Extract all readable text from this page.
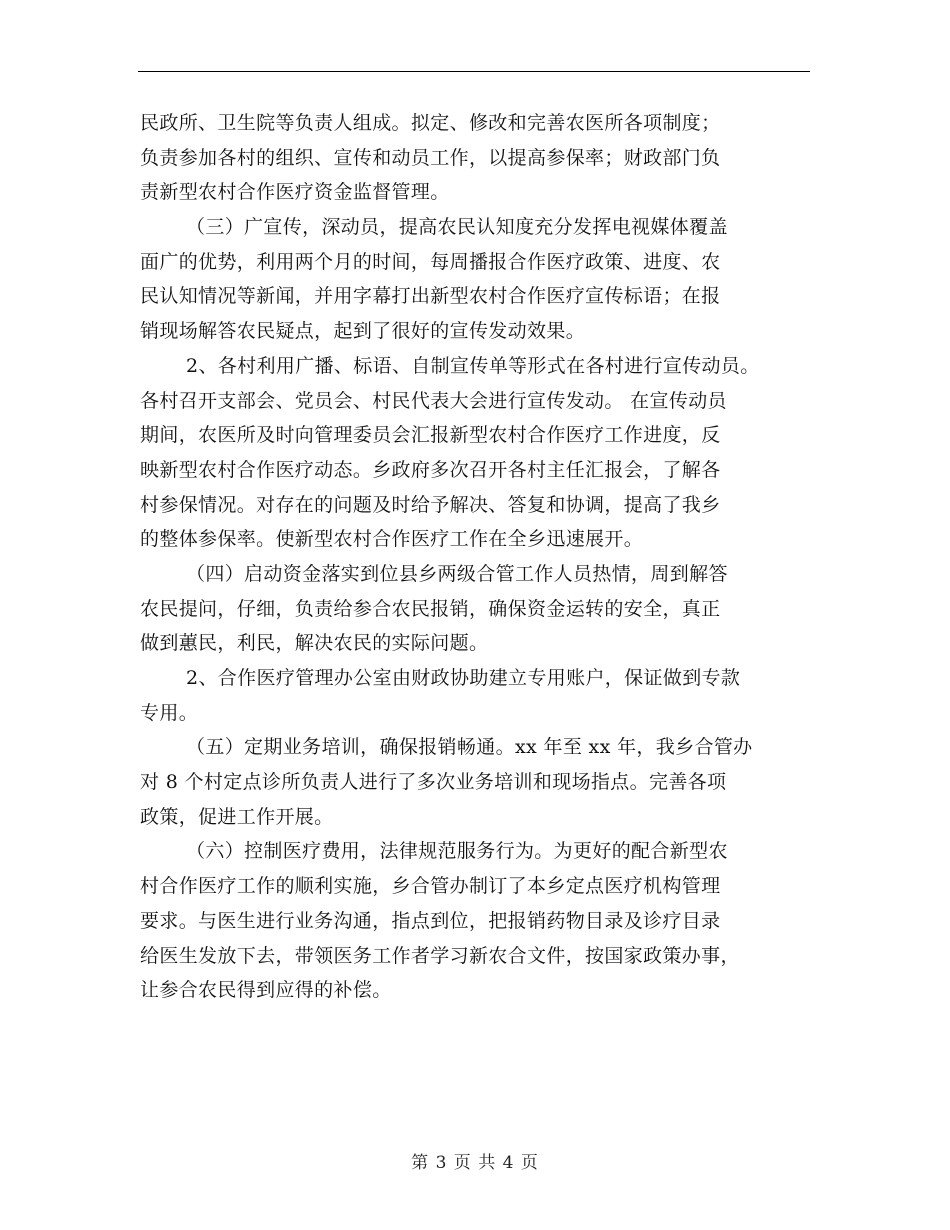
民政所、卫生院等负责人组成。拟定、修改和完善农医所各项制度；
负责参加各村的组织、宣传和动员工作，以提高参保率；财政部门负
责新型农村合作医疗资金监督管理。
（三）广宣传，深动员，提高农民认知度充分发挥电视媒体覆盖
面广的优势，利用两个月的时间，每周播报合作医疗政策、进度、农
民认知情况等新闻，并用字幕打出新型农村合作医疗宣传标语；在报
销现场解答农民疑点，起到了很好的宣传发动效果。
2、各村利用广播、标语、自制宣传单等形式在各村进行宣传动员。
各村召开支部会、党员会、村民代表大会进行宣传发动。 在宣传动员
期间，农医所及时向管理委员会汇报新型农村合作医疗工作进度，反
映新型农村合作医疗动态。乡政府多次召开各村主任汇报会，了解各
村参保情况。对存在的问题及时给予解决、答复和协调，提高了我乡
的整体参保率。使新型农村合作医疗工作在全乡迅速展开。
（四）启动资金落实到位县乡两级合管工作人员热情，周到解答
农民提问，仔细，负责给参合农民报销，确保资金运转的安全，真正
做到蕙民，利民，解决农民的实际问题。
2、合作医疗管理办公室由财政协助建立专用账户，保证做到专款
专用。
（五）定期业务培训，确保报销畅通。xx 年至 xx 年，我乡合管办
对 8 个村定点诊所负责人进行了多次业务培训和现场指点。完善各项
政策，促进工作开展。
（六）控制医疗费用，法律规范服务行为。为更好的配合新型农
村合作医疗工作的顺利实施，乡合管办制订了本乡定点医疗机构管理
要求。与医生进行业务沟通，指点到位，把报销药物目录及诊疗目录
给医生发放下去，带领医务工作者学习新农合文件，按国家政策办事，
让参合农民得到应得的补偿。
第 3 页 共 4 页
